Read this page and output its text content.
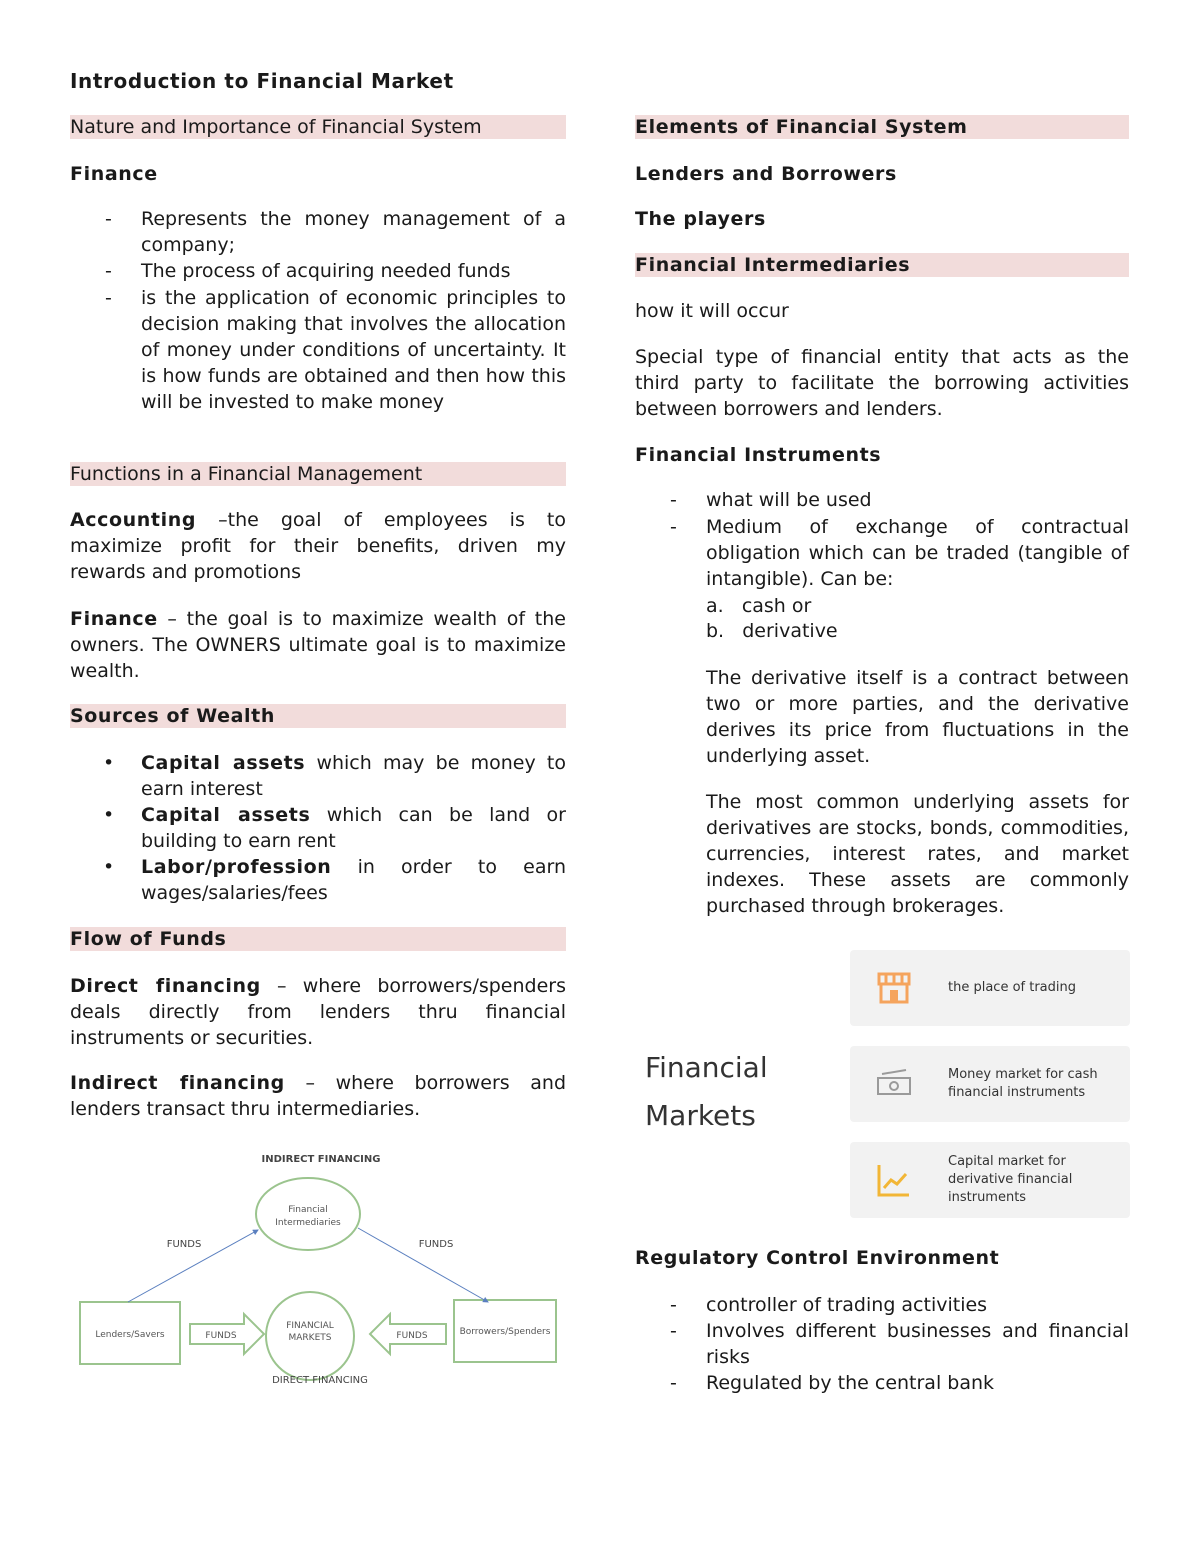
Introduction to Financial Market
Nature and Importance of Financial System
Finance
- Represents the money management of a company;
- The process of acquiring needed funds
- is the application of economic principles to decision making that involves the allocation of money under conditions of uncertainty. It is how funds are obtained and then how this will be invested to make money
Functions in a Financial Management
Accounting –the goal of employees is to maximize profit for their benefits, driven my rewards and promotions
Finance – the goal is to maximize wealth of the owners. The OWNERS ultimate goal is to maximize wealth.
Sources of Wealth
• Capital assets which may be money to earn interest
• Capital assets which can be land or building to earn rent
• Labor/profession in order to earn wages/salaries/fees
Flow of Funds
Direct financing – where borrowers/spenders deals directly from lenders thru financial instruments or securities.
Indirect financing – where borrowers and lenders transact thru intermediaries.
INDIRECT FINANCING
Financial
Intermediaries
FINANCIAL
MARKETS
Lenders/Savers	Borrowers/Spenders
FUNDS	FUNDS
FUNDS	FUNDS
DIRECT FINANCING
Elements of Financial System
Lenders and Borrowers
The players
Financial Intermediaries
how it will occur
Special type of financial entity that acts as the third party to facilitate the borrowing activities between borrowers and lenders.
Financial Instruments
- what will be used
- Medium of exchange of contractual obligation which can be traded (tangible of intangible). Can be:
a. cash or
b. derivative
The derivative itself is a contract between two or more parties, and the derivative derives its price from fluctuations in the underlying asset.
The most common underlying assets for derivatives are stocks, bonds, commodities, currencies, interest rates, and market indexes. These assets are commonly purchased through brokerages.
Financial Markets
the place of trading
Money market for cash financial instruments
Capital market for derivative financial instruments
Regulatory Control Environment
- controller of trading activities
- Involves different businesses and financial risks
- Regulated by the central bank
